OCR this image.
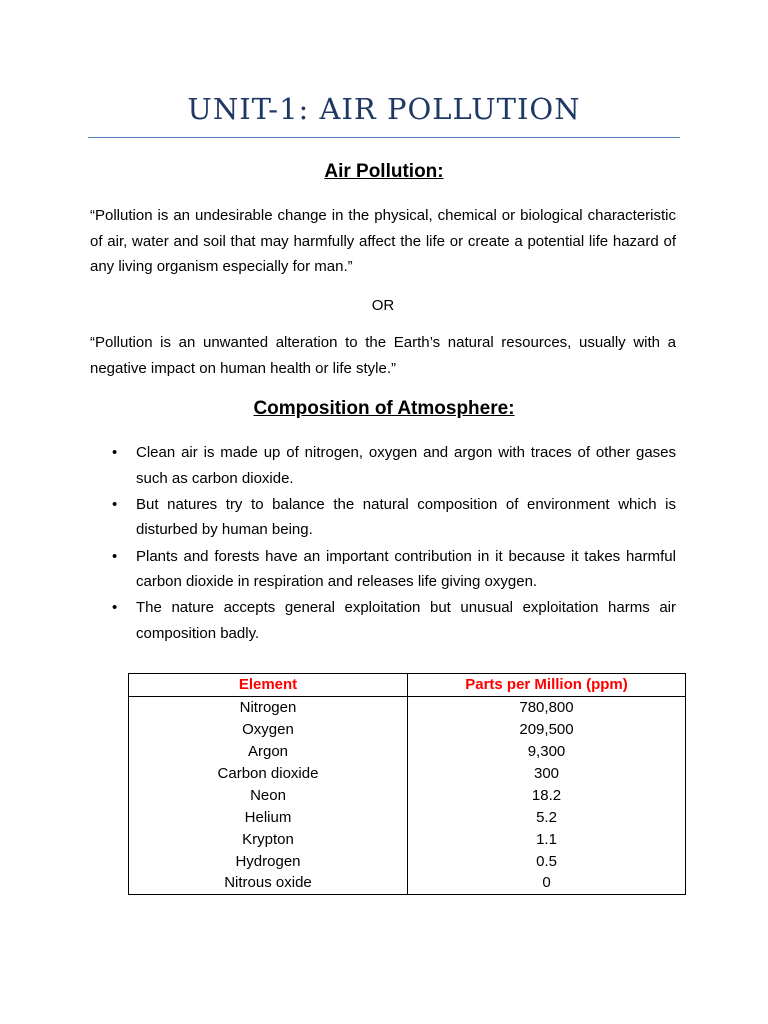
UNIT-1: AIR POLLUTION
Air Pollution:

“Pollution is an undesirable change in the physical, chemical or biological characteristic of air, water and soil that may harmfully affect the life or create a potential life hazard of any living organism especially for man.”

OR

“Pollution is an unwanted alteration to the Earth’s natural resources, usually with a negative impact on human health or life style.”

Composition of Atmosphere:
• Clean air is made up of nitrogen, oxygen and argon with traces of other gases such as carbon dioxide.
• But natures try to balance the natural composition of environment which is disturbed by human being.
• Plants and forests have an important contribution in it because it takes harmful carbon dioxide in respiration and releases life giving oxygen.
• The nature accepts general exploitation but unusual exploitation harms air composition badly.
Element	Parts per Million (ppm)
Nitrogen	780,800
Oxygen	209,500
Argon	9,300
Carbon dioxide	300
Neon	18.2
Helium	5.2
Krypton	1.1
Hydrogen	0.5
Nitrous oxide	0
